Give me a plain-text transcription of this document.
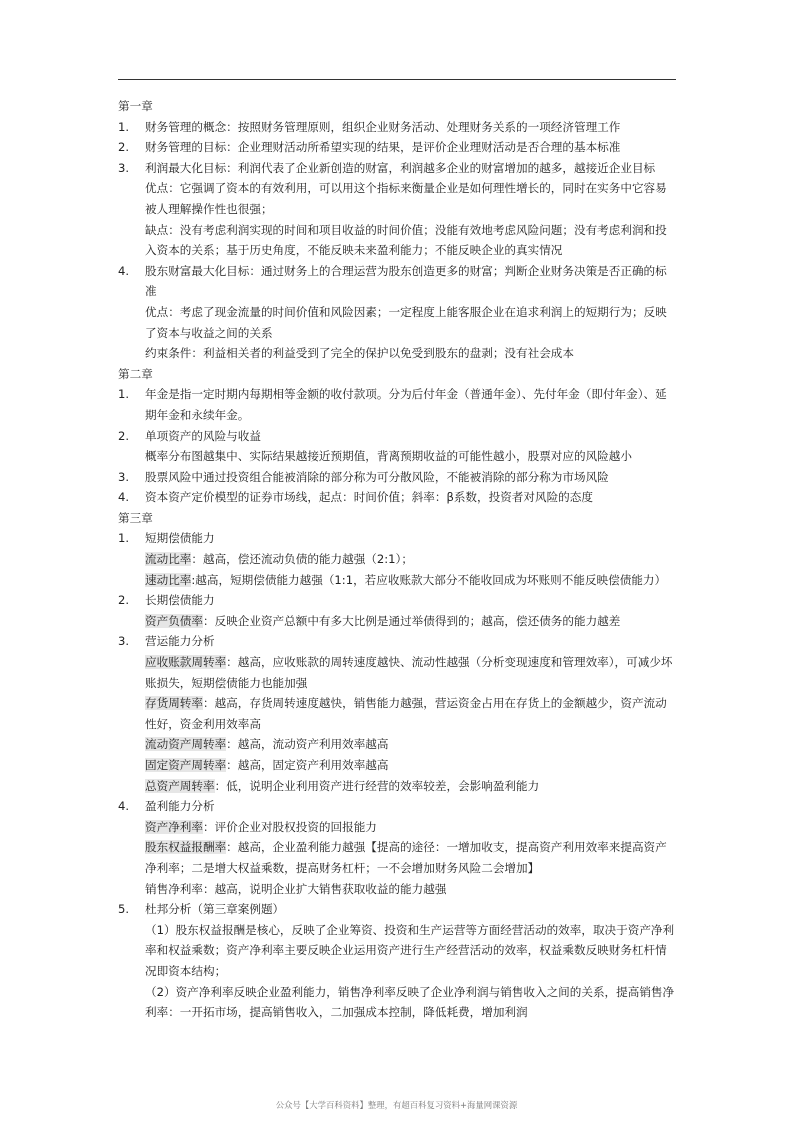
第一章

1. 财务管理的概念：按照财务管理原则，组织企业财务活动、处理财务关系的一项经济管理工作
2. 财务管理的目标：企业理财活动所希望实现的结果，是评价企业理财活动是否合理的基本标准
3. 利润最大化目标：利润代表了企业新创造的财富，利润越多企业的财富增加的越多，越接近企业目标

优点：它强调了资本的有效利用，可以用这个指标来衡量企业是如何理性增长的，同时在实务中它容易被人理解操作性也很强；

缺点：没有考虑利润实现的时间和项目收益的时间价值；没能有效地考虑风险问题；没有考虑利润和投入资本的关系；基于历史角度，不能反映未来盈利能力；不能反映企业的真实情况

4. 股东财富最大化目标：通过财务上的合理运营为股东创造更多的财富；判断企业财务决策是否正确的标准

优点：考虑了现金流量的时间价值和风险因素；一定程度上能客服企业在追求利润上的短期行为；反映了资本与收益之间的关系

约束条件：利益相关者的利益受到了完全的保护以免受到股东的盘剥；没有社会成本

第二章

1. 年金是指一定时期内每期相等金额的收付款项。分为后付年金（普通年金）、先付年金（即付年金）、延期年金和永续年金。
2. 单项资产的风险与收益

概率分布图越集中、实际结果越接近预期值，背离预期收益的可能性越小，股票对应的风险越小

3. 股票风险中通过投资组合能被消除的部分称为可分散风险，不能被消除的部分称为市场风险
4. 资本资产定价模型的证券市场线，起点：时间价值；斜率：β系数，投资者对风险的态度

第三章

1. 短期偿债能力

流动比率：越高，偿还流动负债的能力越强（2:1）；

速动比率:越高，短期偿债能力越强（1:1，若应收账款大部分不能收回成为坏账则不能反映偿债能力）

2. 长期偿债能力

资产负债率：反映企业资产总额中有多大比例是通过举债得到的；越高，偿还债务的能力越差

3. 营运能力分析

应收账款周转率：越高，应收账款的周转速度越快、流动性越强（分析变现速度和管理效率），可减少坏账损失，短期偿债能力也能加强

存货周转率：越高，存货周转速度越快，销售能力越强，营运资金占用在存货上的金额越少，资产流动性好，资金利用效率高

流动资产周转率：越高，流动资产利用效率越高

固定资产周转率：越高，固定资产利用效率越高

总资产周转率：低，说明企业利用资产进行经营的效率较差，会影响盈利能力

4. 盈利能力分析

资产净利率：评价企业对股权投资的回报能力

股东权益报酬率：越高，企业盈利能力越强【提高的途径：一增加收支，提高资产利用效率来提高资产净利率；二是增大权益乘数，提高财务杠杆；一不会增加财务风险二会增加】

销售净利率：越高，说明企业扩大销售获取收益的能力越强

5. 杜邦分析（第三章案例题）

（1）股东权益报酬是核心，反映了企业筹资、投资和生产运营等方面经营活动的效率，取决于资产净利率和权益乘数；资产净利率主要反映企业运用资产进行生产经营活动的效率，权益乘数反映财务杠杆情况即资本结构；

（2）资产净利率反映企业盈利能力，销售净利率反映了企业净利润与销售收入之间的关系，提高销售净利率：一开拓市场，提高销售收入，二加强成本控制，降低耗费，增加利润

公众号【大学百科资料】整理，有超百科复习资料+海量网课资源
